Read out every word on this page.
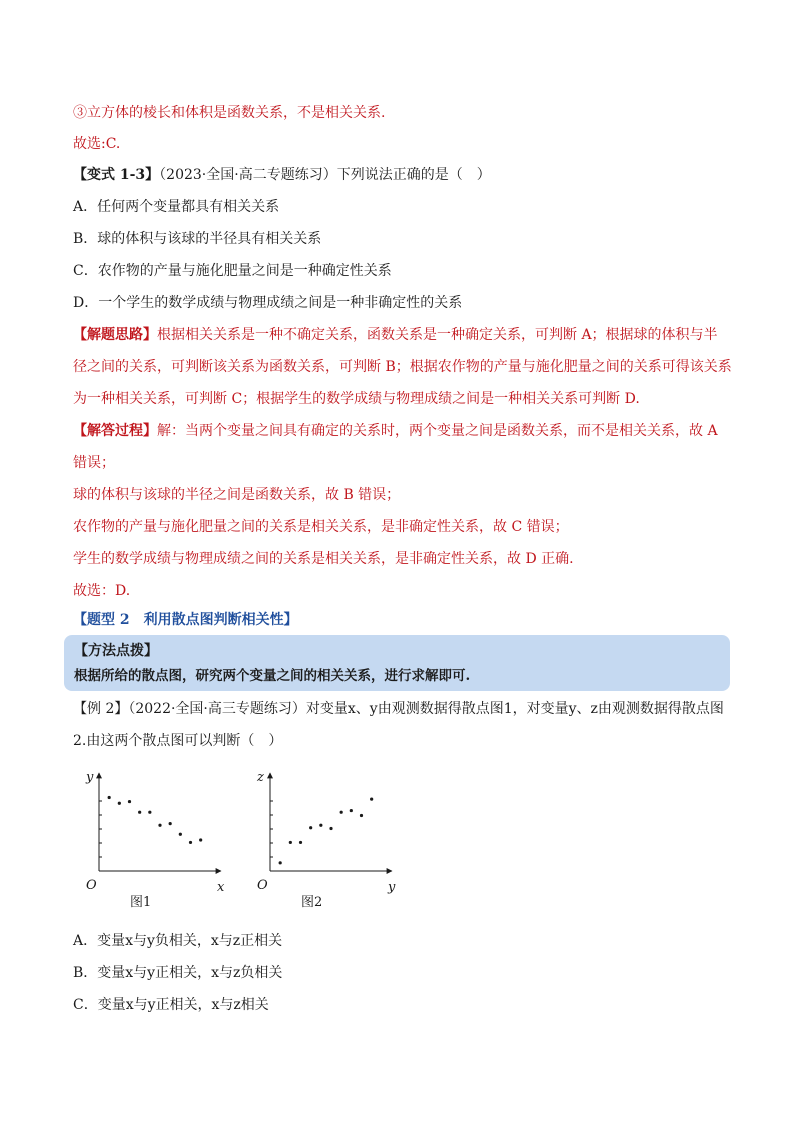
③立方体的棱长和体积是函数关系，不是相关关系.
故选:C.
【变式 1-3】（2023·全国·高二专题练习）下列说法正确的是（　）
A．任何两个变量都具有相关关系
B．球的体积与该球的半径具有相关关系
C．农作物的产量与施化肥量之间是一种确定性关系
D．一个学生的数学成绩与物理成绩之间是一种非确定性的关系
【解题思路】根据相关关系是一种不确定关系，函数关系是一种确定关系，可判断 A；根据球的体积与半
径之间的关系，可判断该关系为函数关系，可判断 B；根据农作物的产量与施化肥量之间的关系可得该关系
为一种相关关系，可判断 C；根据学生的数学成绩与物理成绩之间是一种相关关系可判断 D.
【解答过程】解：当两个变量之间具有确定的关系时，两个变量之间是函数关系，而不是相关关系，故 A
错误；
球的体积与该球的半径之间是函数关系，故 B 错误；
农作物的产量与施化肥量之间的关系是相关关系，是非确定性关系，故 C 错误；
学生的数学成绩与物理成绩之间的关系是相关关系，是非确定性关系，故 D 正确.
故选：D.
【题型 2　利用散点图判断相关性】
【方法点拨】
根据所给的散点图，研究两个变量之间的相关关系，进行求解即可.
【例 2】（2022·全国·高三专题练习）对变量x、y由观测数据得散点图1，对变量y、z由观测数据得散点图
2.由这两个散点图可以判断（　）
O	x
y
图1
O	y
z
图2
A．变量x与y负相关，x与z正相关
B．变量x与y正相关，x与z负相关
C．变量x与y正相关，x与z相关
